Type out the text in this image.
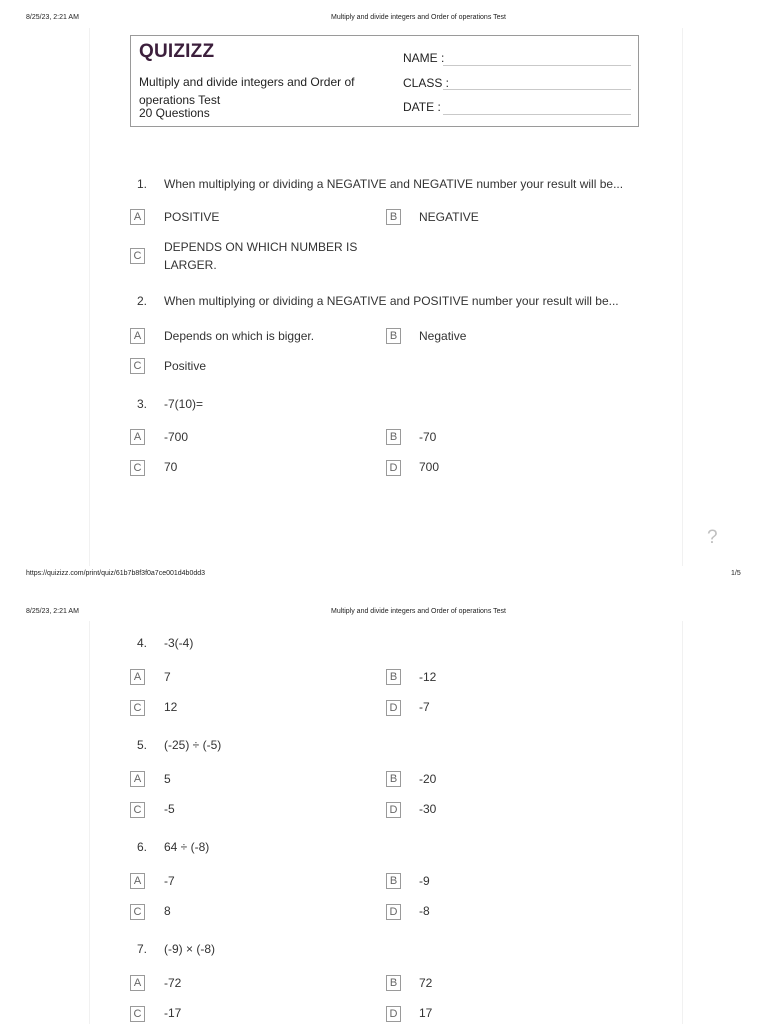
8/25/23, 2:21 AM	Multiply and divide integers and Order of operations Test
QUIZIZZ
Multiply and divide integers and Order of operations Test
20 Questions
NAME :
CLASS :
DATE :
1. When multiplying or dividing a NEGATIVE and NEGATIVE number your result will be...
A	POSITIVE	B	NEGATIVE
C
DEPENDS ON WHICH NUMBER IS LARGER.
2. When multiplying or dividing a NEGATIVE and POSITIVE number your result will be...
A	Depends on which is bigger.	B	Negative
C Positive
3. -7(10)=
A	-700	B	-70
C 70	D 700
?
https://quizizz.com/print/quiz/61b7b8f3f0a7ce001d4b0dd3	1/5
8/25/23, 2:21 AM	Multiply and divide integers and Order of operations Test
4. -3(-4)
A	7	B	-12
C 12	D -7
5. (-25) ÷ (-5)
A	5	B	-20
C -5	D -30
6. 64 ÷ (-8)
A	-7	B	-9
C 8	D -8
7. (-9) × (-8)
A	-72	B	72
C -17	D 17
